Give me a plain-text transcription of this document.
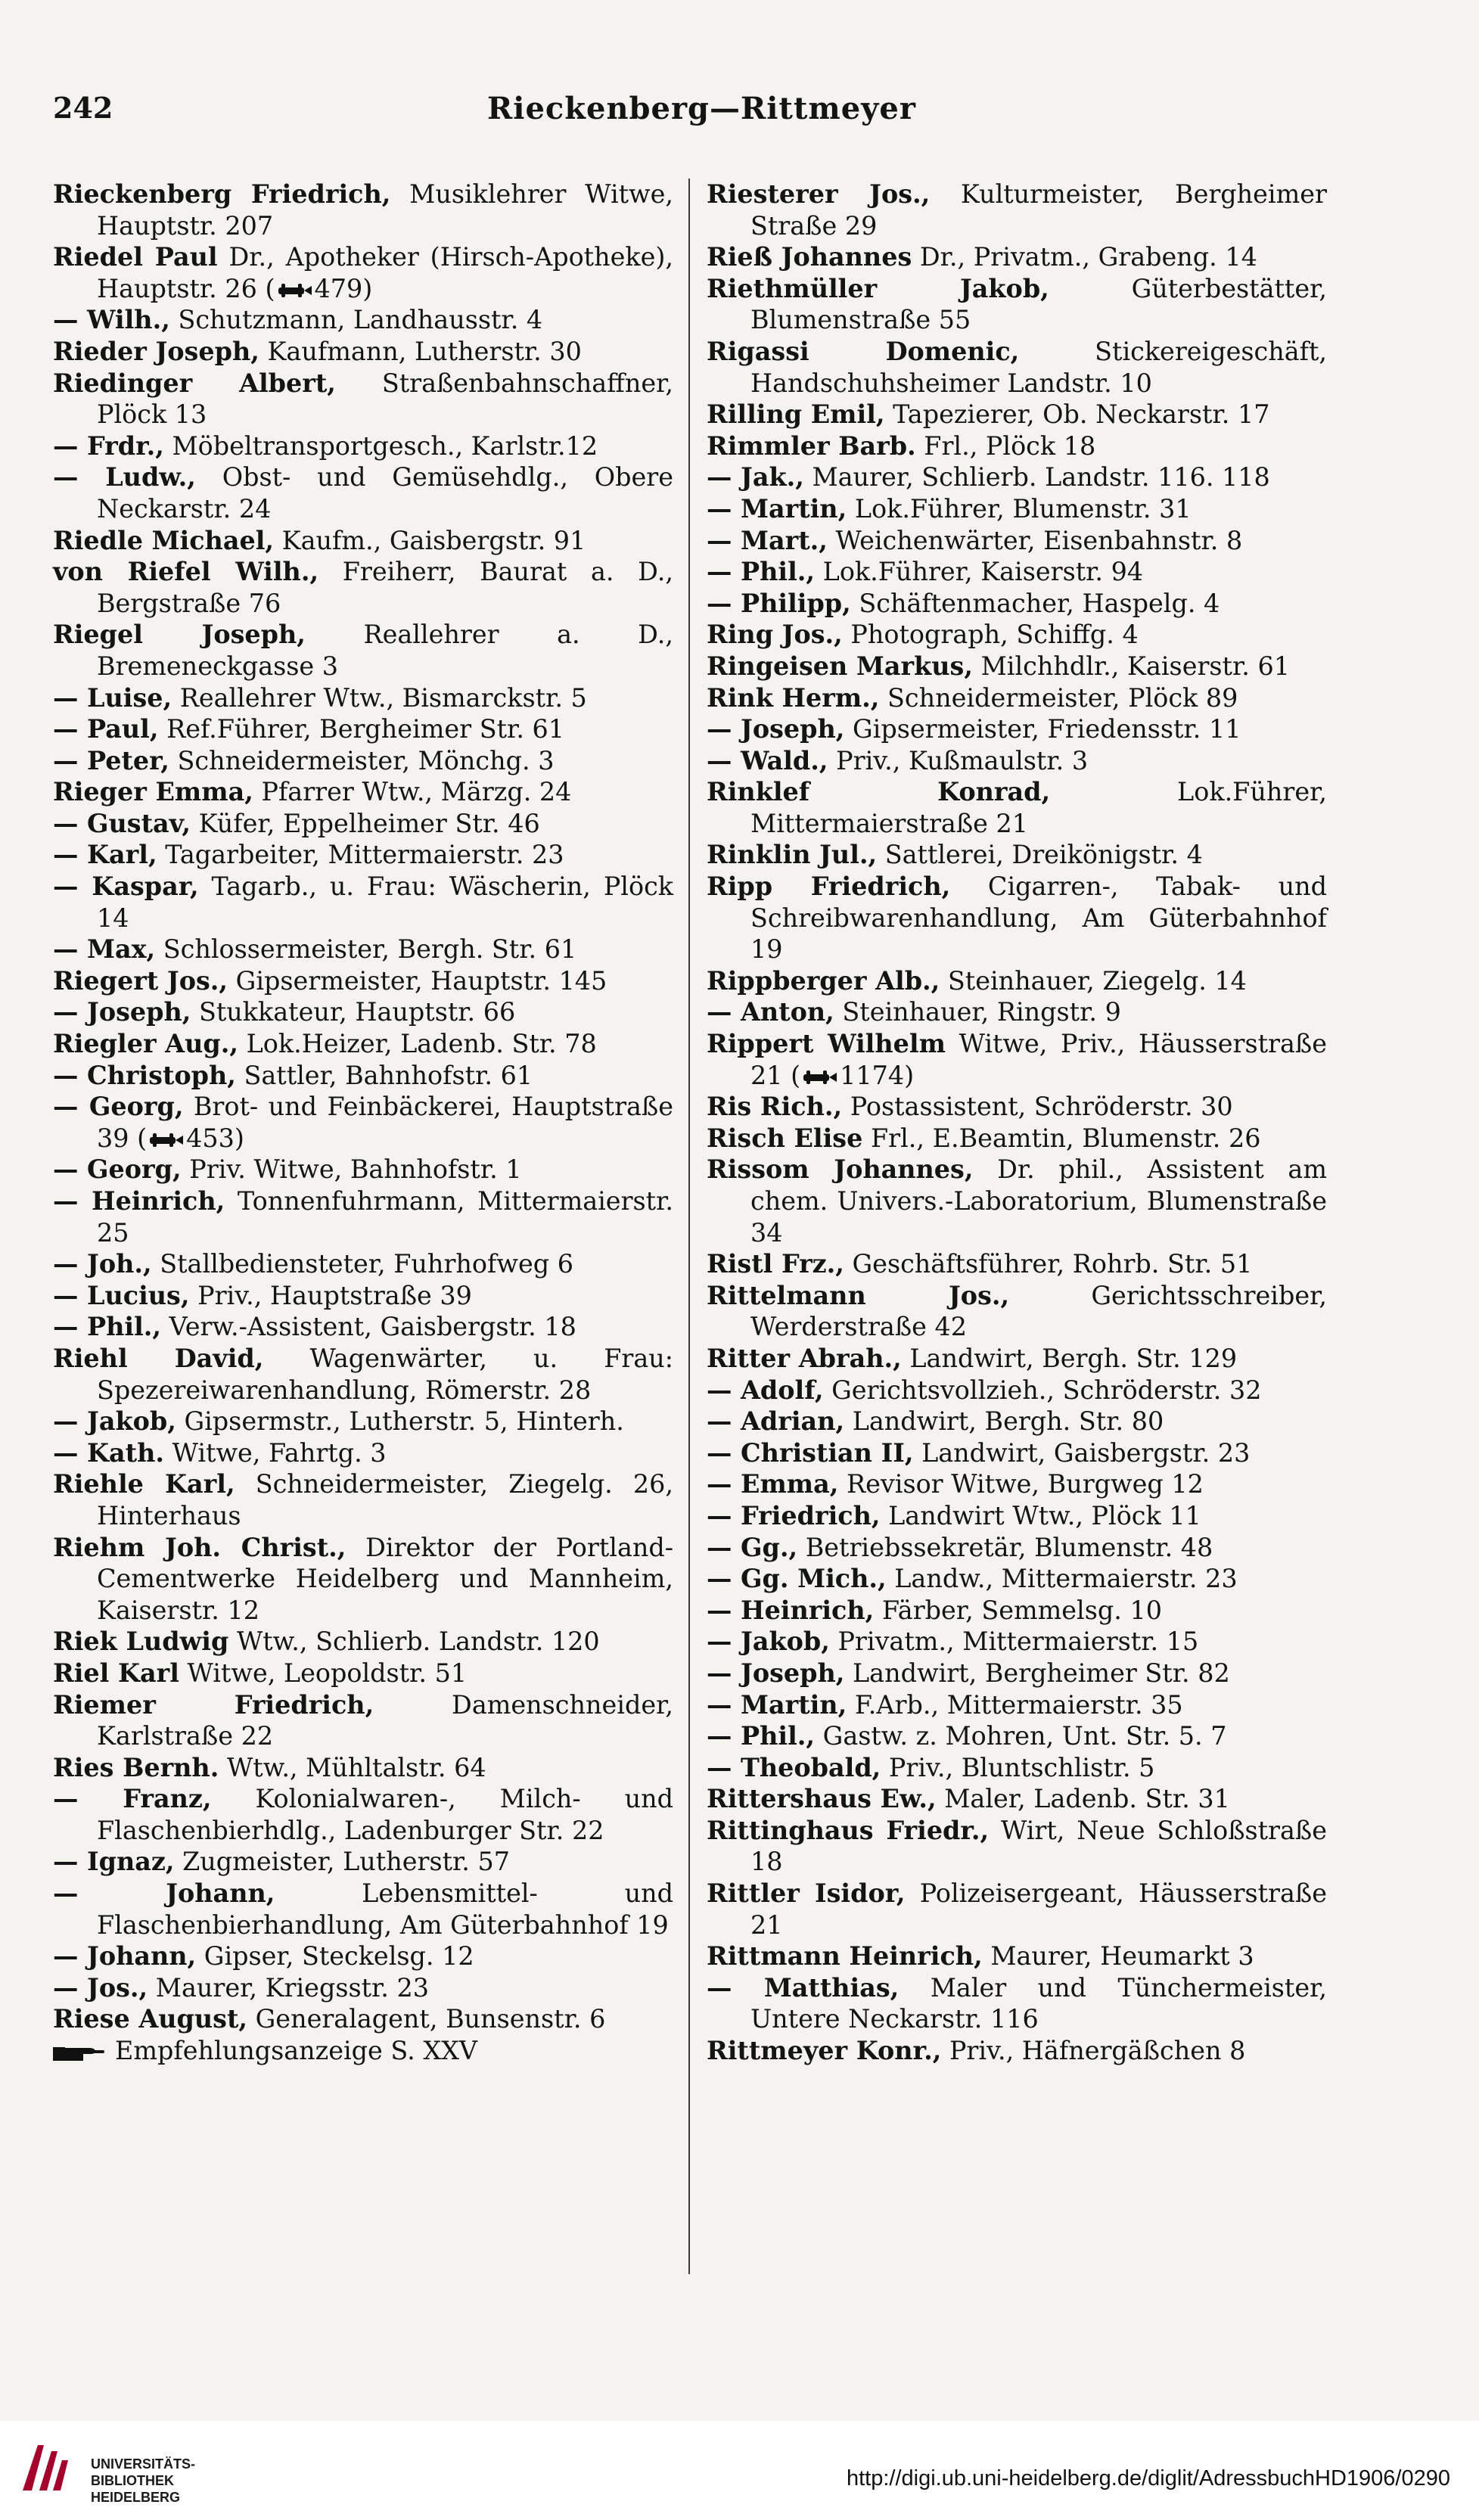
242	Rieckenberg—Rittmeyer
Rieckenberg Friedrich, Musiklehrer Witwe, Hauptstr. 207
Riedel Paul Dr., Apotheker (Hirsch-Apotheke), Hauptstr. 26 ( 479)
— Wilh., Schutzmann, Landhausstr. 4
Rieder Joseph, Kaufmann, Lutherstr. 30
Riedinger Albert, Straßenbahnschaffner, Plöck 13
— Frdr., Möbeltransportgesch., Karlstr.12
— Ludw., Obst- und Gemüsehdlg., Obere Neckarstr. 24
Riedle Michael, Kaufm., Gaisbergstr. 91
von Riefel Wilh., Freiherr, Baurat a. D., Bergstraße 76
Riegel Joseph, Reallehrer a. D., Bremeneckgasse 3
— Luise, Reallehrer Wtw., Bismarckstr. 5
— Paul, Ref.Führer, Bergheimer Str. 61
— Peter, Schneidermeister, Mönchg. 3
Rieger Emma, Pfarrer Wtw., Märzg. 24
— Gustav, Küfer, Eppelheimer Str. 46
— Karl, Tagarbeiter, Mittermaierstr. 23
— Kaspar, Tagarb., u. Frau: Wäscherin, Plöck 14
— Max, Schlossermeister, Bergh. Str. 61
Riegert Jos., Gipsermeister, Hauptstr. 145
— Joseph, Stukkateur, Hauptstr. 66
Riegler Aug., Lok.Heizer, Ladenb. Str. 78
— Christoph, Sattler, Bahnhofstr. 61
— Georg, Brot- und Feinbäckerei, Hauptstraße 39 ( 453)
— Georg, Priv. Witwe, Bahnhofstr. 1
— Heinrich, Tonnenfuhrmann, Mittermaierstr. 25
— Joh., Stallbediensteter, Fuhrhofweg 6
— Lucius, Priv., Hauptstraße 39
— Phil., Verw.-Assistent, Gaisbergstr. 18
Riehl David, Wagenwärter, u. Frau: Spezereiwarenhandlung, Römerstr. 28
— Jakob, Gipsermstr., Lutherstr. 5, Hinterh.
— Kath. Witwe, Fahrtg. 3
Riehle Karl, Schneidermeister, Ziegelg. 26, Hinterhaus
Riehm Joh. Christ., Direktor der Portland-Cementwerke Heidelberg und Mannheim, Kaiserstr. 12
Riek Ludwig Wtw., Schlierb. Landstr. 120
Riel Karl Witwe, Leopoldstr. 51
Riemer Friedrich, Damenschneider, Karlstraße 22
Ries Bernh. Wtw., Mühltalstr. 64
— Franz, Kolonialwaren-, Milch- und Flaschenbierhdlg., Ladenburger Str. 22
— Ignaz, Zugmeister, Lutherstr. 57
— Johann, Lebensmittel- und Flaschenbierhandlung, Am Güterbahnhof 19
— Johann, Gipser, Steckelsg. 12
— Jos., Maurer, Kriegsstr. 23
Riese August, Generalagent, Bunsenstr. 6
Empfehlungsanzeige S. XXV
Riesterer Jos., Kulturmeister, Bergheimer Straße 29
Rieß Johannes Dr., Privatm., Grabeng. 14
Riethmüller Jakob, Güterbestätter, Blumenstraße 55
Rigassi Domenic, Stickereigeschäft, Handschuhsheimer Landstr. 10
Rilling Emil, Tapezierer, Ob. Neckarstr. 17
Rimmler Barb. Frl., Plöck 18
— Jak., Maurer, Schlierb. Landstr. 116. 118
— Martin, Lok.Führer, Blumenstr. 31
— Mart., Weichenwärter, Eisenbahnstr. 8
— Phil., Lok.Führer, Kaiserstr. 94
— Philipp, Schäftenmacher, Haspelg. 4
Ring Jos., Photograph, Schiffg. 4
Ringeisen Markus, Milchhdlr., Kaiserstr. 61
Rink Herm., Schneidermeister, Plöck 89
— Joseph, Gipsermeister, Friedensstr. 11
— Wald., Priv., Kußmaulstr. 3
Rinklef Konrad, Lok.Führer, Mittermaierstraße 21
Rinklin Jul., Sattlerei, Dreikönigstr. 4
Ripp Friedrich, Cigarren-, Tabak- und Schreibwarenhandlung, Am Güterbahnhof 19
Rippberger Alb., Steinhauer, Ziegelg. 14
— Anton, Steinhauer, Ringstr. 9
Rippert Wilhelm Witwe, Priv., Häusserstraße 21 ( 1174)
Ris Rich., Postassistent, Schröderstr. 30
Risch Elise Frl., E.Beamtin, Blumenstr. 26
Rissom Johannes, Dr. phil., Assistent am chem. Univers.-Laboratorium, Blumenstraße 34
Ristl Frz., Geschäftsführer, Rohrb. Str. 51
Rittelmann Jos., Gerichtsschreiber, Werderstraße 42
Ritter Abrah., Landwirt, Bergh. Str. 129
— Adolf, Gerichtsvollzieh., Schröderstr. 32
— Adrian, Landwirt, Bergh. Str. 80
— Christian II, Landwirt, Gaisbergstr. 23
— Emma, Revisor Witwe, Burgweg 12
— Friedrich, Landwirt Wtw., Plöck 11
— Gg., Betriebssekretär, Blumenstr. 48
— Gg. Mich., Landw., Mittermaierstr. 23
— Heinrich, Färber, Semmelsg. 10
— Jakob, Privatm., Mittermaierstr. 15
— Joseph, Landwirt, Bergheimer Str. 82
— Martin, F.Arb., Mittermaierstr. 35
— Phil., Gastw. z. Mohren, Unt. Str. 5. 7
— Theobald, Priv., Bluntschlistr. 5
Rittershaus Ew., Maler, Ladenb. Str. 31
Rittinghaus Friedr., Wirt, Neue Schloßstraße 18
Rittler Isidor, Polizeisergeant, Häusserstraße 21
Rittmann Heinrich, Maurer, Heumarkt 3
— Matthias, Maler und Tünchermeister, Untere Neckarstr. 116
Rittmeyer Konr., Priv., Häfnergäßchen 8
UNIVERSITÄTS-
BIBLIOTHEK
HEIDELBERG
http://digi.ub.uni-heidelberg.de/diglit/AdressbuchHD1906/0290
